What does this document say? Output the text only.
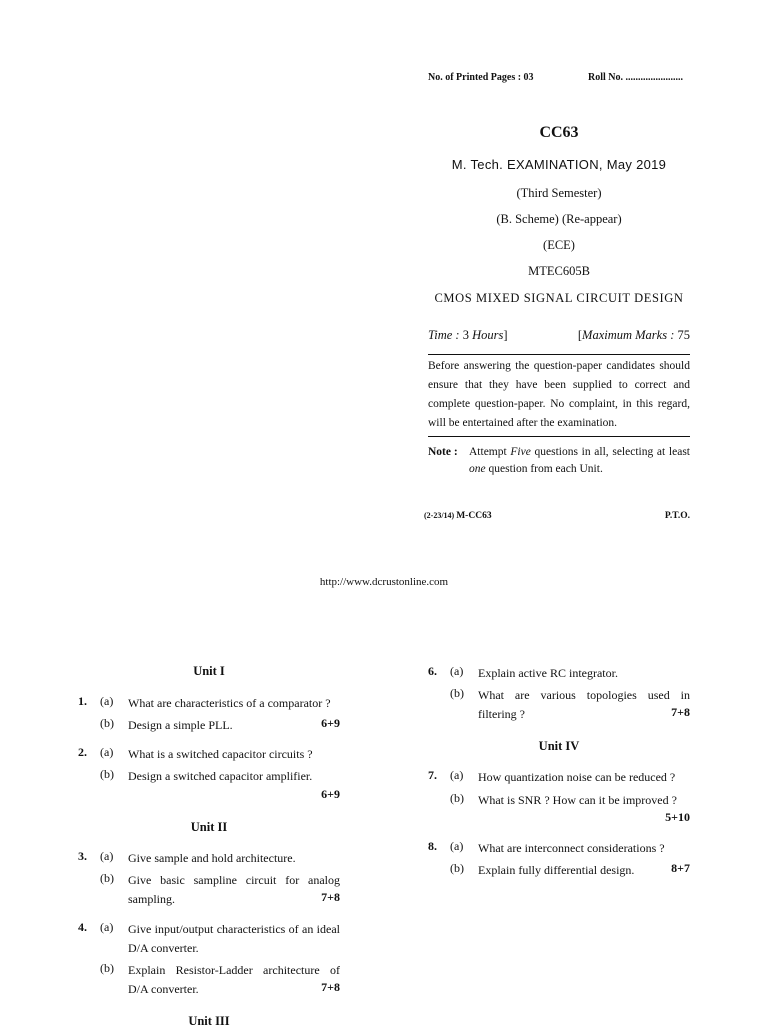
No. of Printed Pages : 03	Roll No. .......................
CC63
M. Tech. EXAMINATION, May 2019
(Third Semester)
(B. Scheme) (Re-appear)
(ECE)
MTEC605B
CMOS MIXED SIGNAL CIRCUIT DESIGN
Time : 3 Hours]	[Maximum Marks : 75
Before answering the question-paper candidates should ensure that they have been supplied to correct and complete question-paper. No complaint, in this regard, will be entertained after the examination.
Note : Attempt Five questions in all, selecting at least one question from each Unit.
(2-23/14) M-CC63	P.T.O.
http://www.dcrustonline.com
Unit I
1. (a) What are characteristics of a comparator ?
(b) Design a simple PLL.	6+9
2. (a) What is a switched capacitor circuits ?
(b) Design a switched capacitor amplifier.
6+9
Unit II
3. (a) Give sample and hold architecture.
(b) Give basic sampline circuit for analog sampling.	7+8
4. (a) Give input/output characteristics of an ideal D/A converter.
(b) Explain Resistor-Ladder architecture of D/A converter.	7+8
Unit III
6. (a) Explain active RC integrator.
(b) What are various topologies used in filtering ?	7+8
Unit IV
7. (a) How quantization noise can be reduced ?
(b) What is SNR ? How can it be improved ?
5+10
8. (a) What are interconnect considerations ?
(b) Explain fully differential design.	8+7
